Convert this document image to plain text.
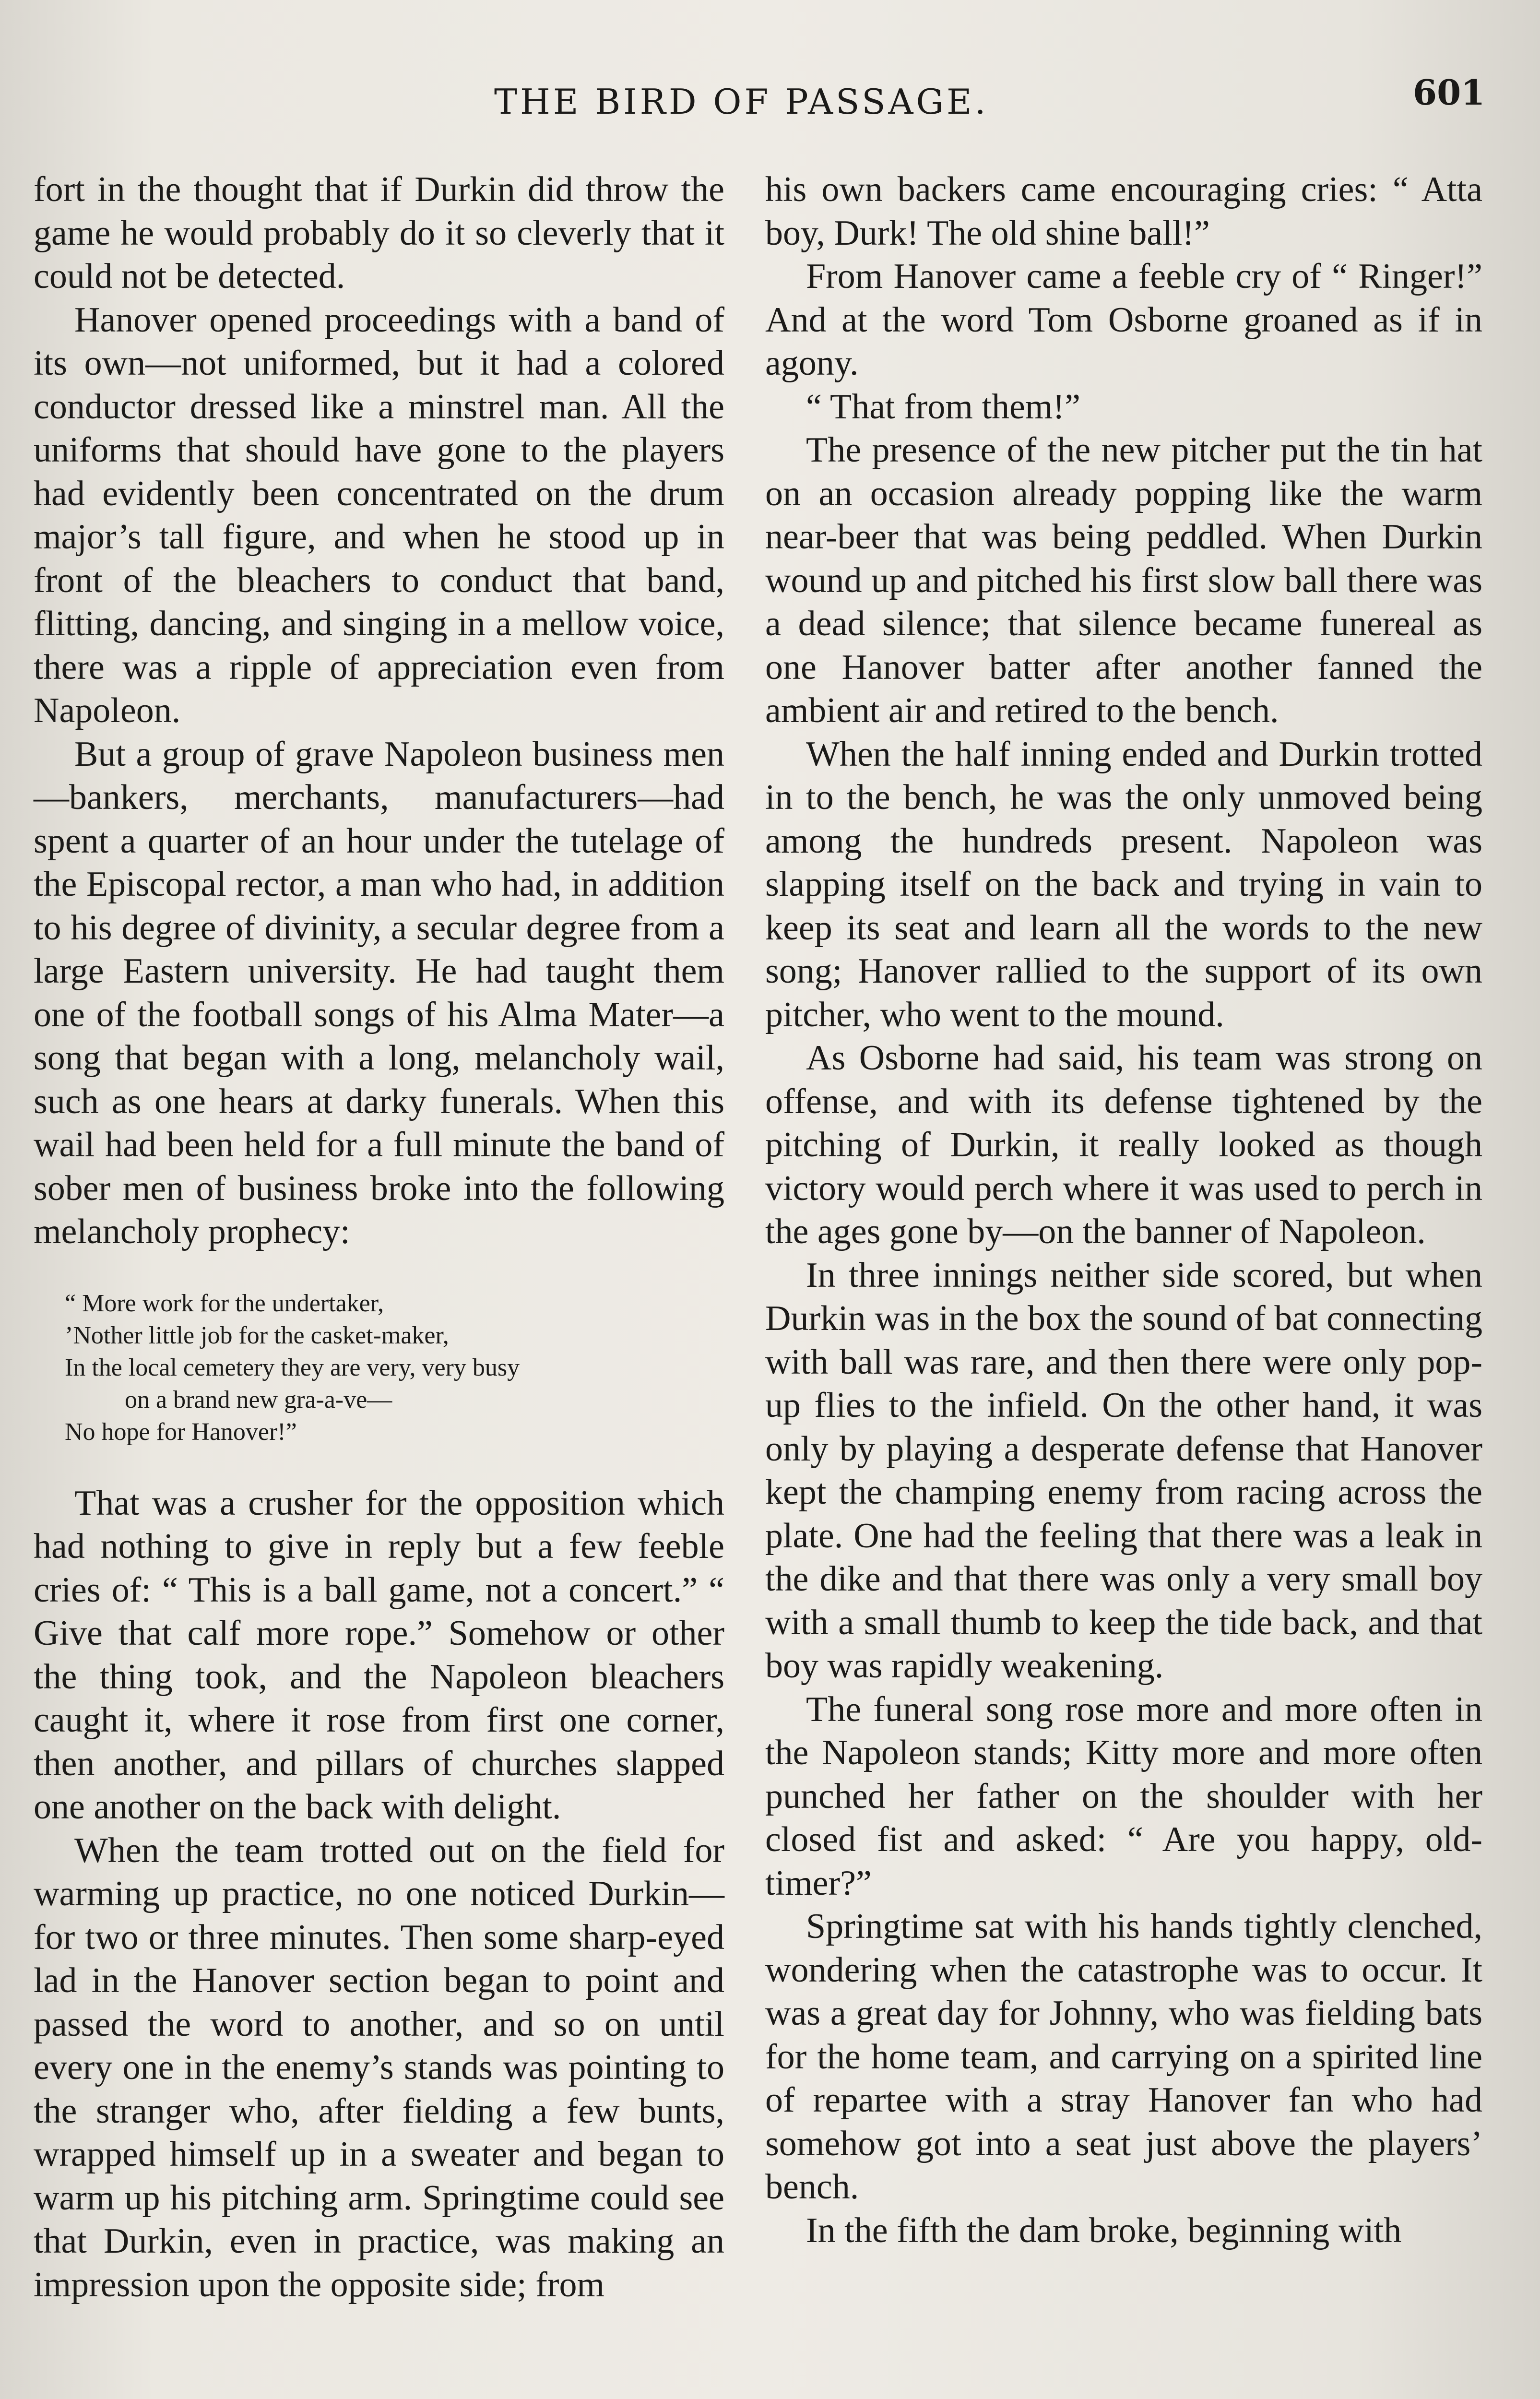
THE BIRD OF PASSAGE.	601

fort in the thought that if Durkin did throw the game he would probably do it so cleverly that it could not be detected.

Hanover opened proceedings with a band of its own—not uniformed, but it had a colored conductor dressed like a minstrel man. All the uniforms that should have gone to the players had evidently been concentrated on the drum major’s tall figure, and when he stood up in front of the bleachers to conduct that band, flitting, dancing, and singing in a mellow voice, there was a ripple of appreciation even from Napoleon.

But a group of grave Napoleon business men—bankers, merchants, manufacturers—had spent a quarter of an hour under the tutelage of the Episcopal rector, a man who had, in addition to his degree of divinity, a secular degree from a large Eastern university. He had taught them one of the football songs of his Alma Mater—a song that began with a long, melancholy wail, such as one hears at darky funerals. When this wail had been held for a full minute the band of sober men of business broke into the following melancholy prophecy:

“ More work for the undertaker,
’Nother little job for the casket-maker,
In the local cemetery they are very, very busy
on a brand new gra-a-ve—
No hope for Hanover!”

That was a crusher for the opposition which had nothing to give in reply but a few feeble cries of: “ This is a ball game, not a concert.” “ Give that calf more rope.” Somehow or other the thing took, and the Napoleon bleachers caught it, where it rose from first one corner, then another, and pillars of churches slapped one another on the back with delight.

When the team trotted out on the field for warming up practice, no one noticed Durkin—for two or three minutes. Then some sharp-eyed lad in the Hanover section began to point and passed the word to another, and so on until every one in the enemy’s stands was pointing to the stranger who, after fielding a few bunts, wrapped himself up in a sweater and began to warm up his pitching arm. Springtime could see that Durkin, even in practice, was making an impression upon the opposite side; from

his own backers came encouraging cries: “ Atta boy, Durk! The old shine ball!”

From Hanover came a feeble cry of “ Ringer!” And at the word Tom Osborne groaned as if in agony.

“ That from them!”

The presence of the new pitcher put the tin hat on an occasion already popping like the warm near-beer that was being peddled. When Durkin wound up and pitched his first slow ball there was a dead silence; that silence became funereal as one Hanover batter after another fanned the ambient air and retired to the bench.

When the half inning ended and Durkin trotted in to the bench, he was the only unmoved being among the hundreds present. Napoleon was slapping itself on the back and trying in vain to keep its seat and learn all the words to the new song; Hanover rallied to the support of its own pitcher, who went to the mound.

As Osborne had said, his team was strong on offense, and with its defense tightened by the pitching of Durkin, it really looked as though victory would perch where it was used to perch in the ages gone by—on the banner of Napoleon.

In three innings neither side scored, but when Durkin was in the box the sound of bat connecting with ball was rare, and then there were only pop-up flies to the infield. On the other hand, it was only by playing a desperate defense that Hanover kept the champing enemy from racing across the plate. One had the feeling that there was a leak in the dike and that there was only a very small boy with a small thumb to keep the tide back, and that boy was rapidly weakening.

The funeral song rose more and more often in the Napoleon stands; Kitty more and more often punched her father on the shoulder with her closed fist and asked: “ Are you happy, old-timer?”

Springtime sat with his hands tightly clenched, wondering when the catastrophe was to occur. It was a great day for Johnny, who was fielding bats for the home team, and carrying on a spirited line of repartee with a stray Hanover fan who had somehow got into a seat just above the players’ bench.

In the fifth the dam broke, beginning with
